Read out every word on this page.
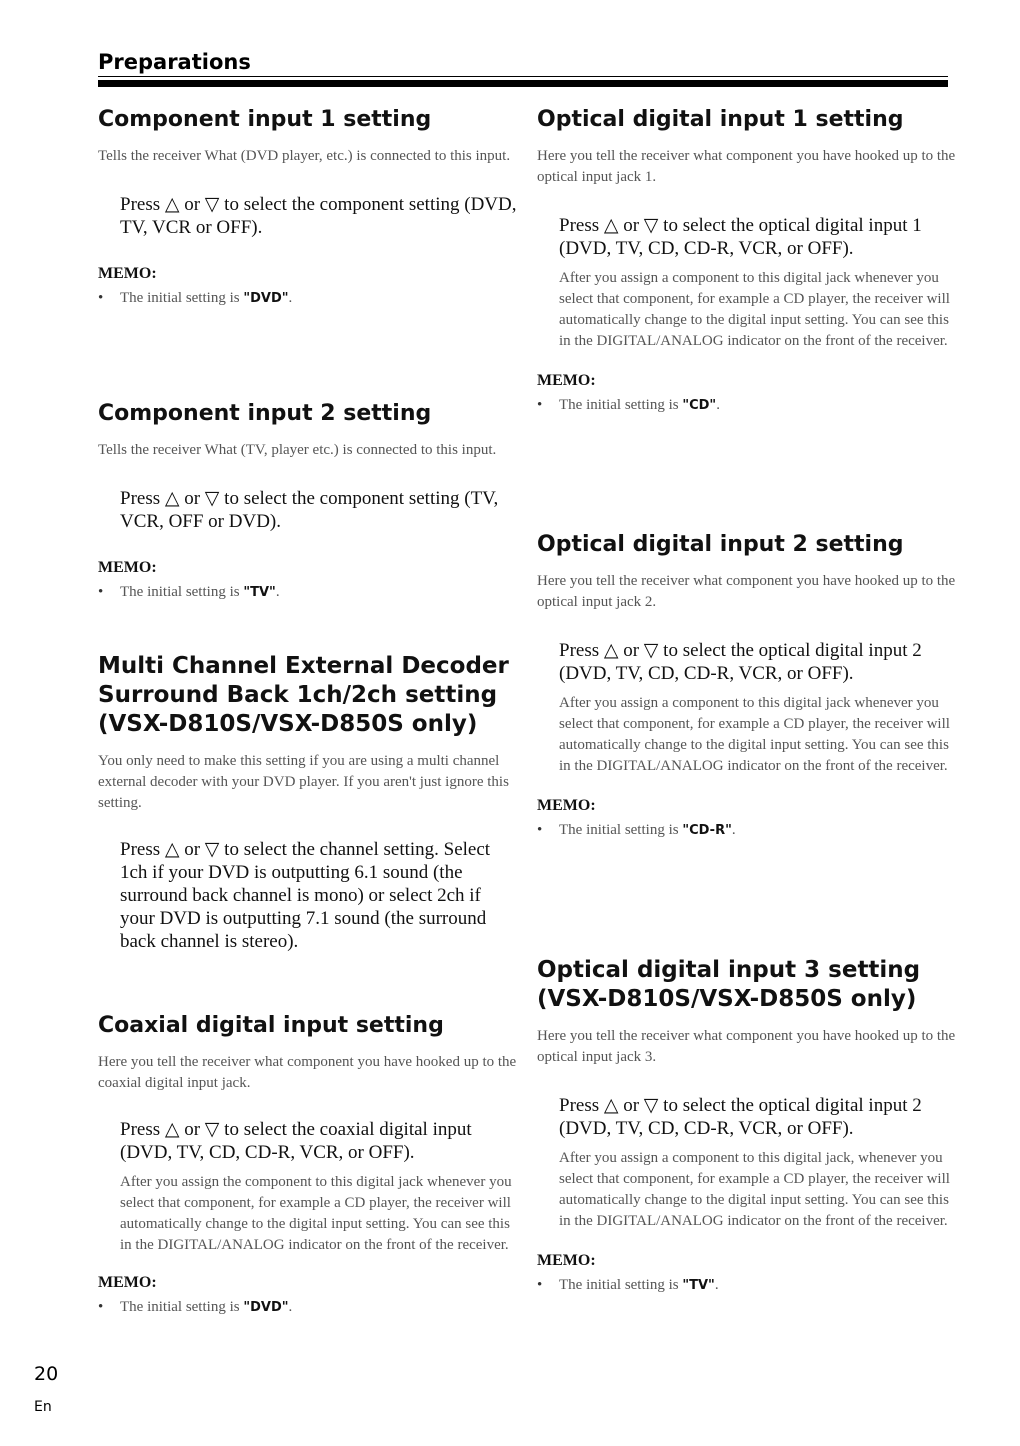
Preparations
Component input 1 setting

Tells the receiver What (DVD player, etc.) is connected to this input.

Press △ or ▽ to select the component setting (DVD, TV, VCR or OFF).

MEMO:
• The initial setting is "DVD".
Component input 2 setting

Tells the receiver What (TV, player etc.) is connected to this input.

Press △ or ▽ to select the component setting (TV, VCR, OFF or DVD).

MEMO:
• The initial setting is "TV".
Multi Channel External Decoder Surround Back 1ch/2ch setting (VSX-D810S/VSX-D850S only)

You only need to make this setting if you are using a multi channel external decoder with your DVD player. If you aren't just ignore this setting.

Press △ or ▽ to select the channel setting. Select 1ch if your DVD is outputting 6.1 sound (the surround back channel is mono) or select 2ch if your DVD is outputting 7.1 sound (the surround back channel is stereo).

Coaxial digital input setting

Here you tell the receiver what component you have hooked up to the coaxial digital input jack.

Press △ or ▽ to select the coaxial digital input (DVD, TV, CD, CD-R, VCR, or OFF).

After you assign the component to this digital jack whenever you select that component, for example a CD player, the receiver will automatically change to the digital input setting. You can see this in the DIGITAL/ANALOG indicator on the front of the receiver.

MEMO:
• The initial setting is "DVD".
Optical digital input 1 setting

Here you tell the receiver what component you have hooked up to the optical input jack 1.

Press △ or ▽ to select the optical digital input 1 (DVD, TV, CD, CD-R, VCR, or OFF).

After you assign a component to this digital jack whenever you select that component, for example a CD player, the receiver will automatically change to the digital input setting. You can see this in the DIGITAL/ANALOG indicator on the front of the receiver.

MEMO:
• The initial setting is "CD".
Optical digital input 2 setting

Here you tell the receiver what component you have hooked up to the optical input jack 2.

Press △ or ▽ to select the optical digital input 2 (DVD, TV, CD, CD-R, VCR, or OFF).

After you assign a component to this digital jack whenever you select that component, for example a CD player, the receiver will automatically change to the digital input setting. You can see this in the DIGITAL/ANALOG indicator on the front of the receiver.

MEMO:
• The initial setting is "CD-R".
Optical digital input 3 setting (VSX-D810S/VSX-D850S only)

Here you tell the receiver what component you have hooked up to the optical input jack 3.

Press △ or ▽ to select the optical digital input 2 (DVD, TV, CD, CD-R, VCR, or OFF).

After you assign a component to this digital jack, whenever you select that component, for example a CD player, the receiver will automatically change to the digital input setting. You can see this in the DIGITAL/ANALOG indicator on the front of the receiver.

MEMO:
• The initial setting is "TV".
20
En
